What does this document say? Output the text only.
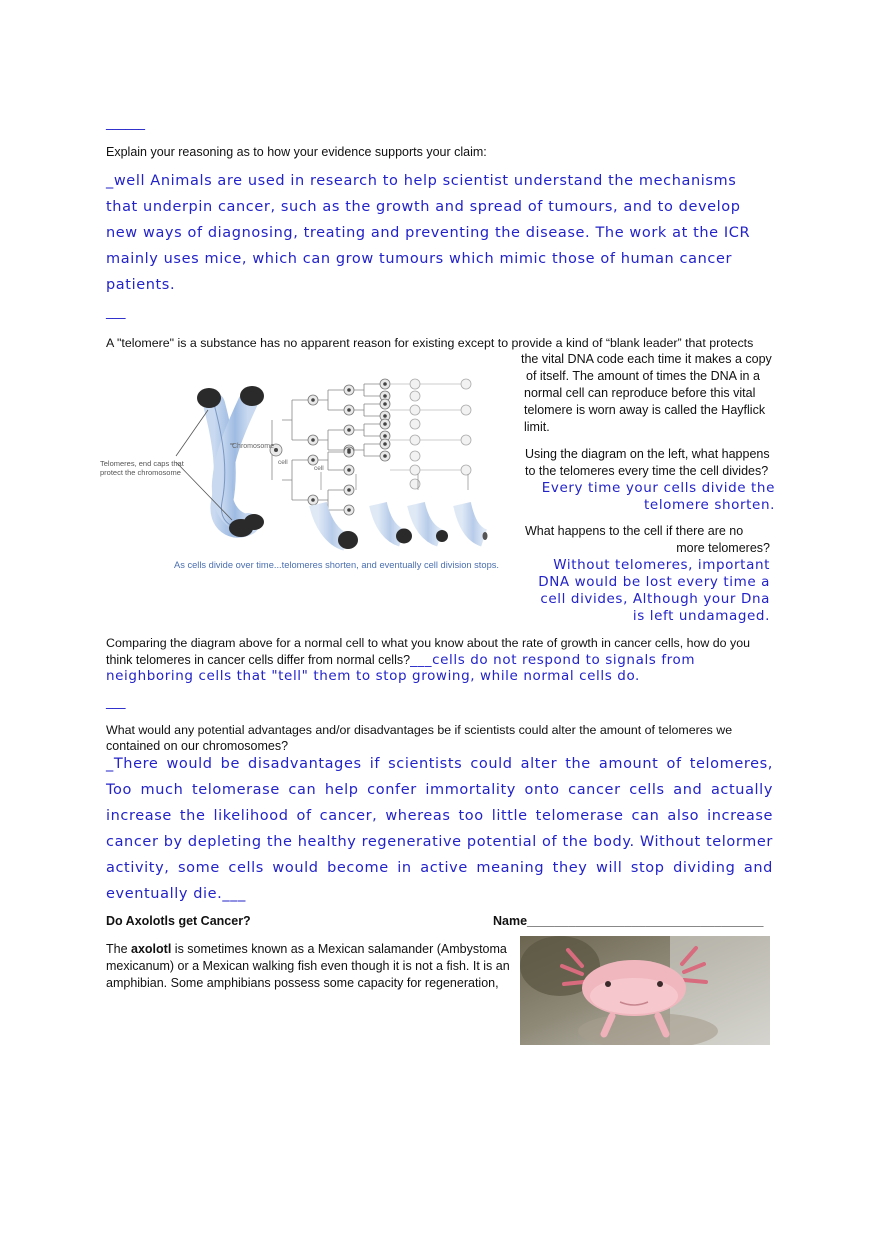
______
Explain your reasoning as to how your evidence supports your claim:
_well Animals are used in research to help scientist understand the mechanisms
that underpin cancer, such as the growth and spread of tumours, and to develop
new ways of diagnosing, treating and preventing the disease. The work at the ICR
mainly uses mice, which can grow tumours which mimic those of human cancer
patients.
___
A "telomere" is a substance has no apparent reason for existing except to provide a kind of “blank leader” that protects
the vital DNA code each time it makes a copy
of itself. The amount of times the DNA in a
normal cell can reproduce before this vital
telomere is worn away is called the Hayflick
limit.
Telomeres, end caps that
protect the chromosome
Chromosome
cell
cell
As cells divide over time...telomeres shorten, and eventually cell division stops.
Using the diagram on the left, what happens
to the telomeres every time the cell divides?
Every time your cells divide the
telomere shorten.
What happens to the cell if there are no
more telomeres?
Without telomeres, important
DNA would be lost every time a
cell divides, Although your Dna
is left undamaged.
Comparing the diagram above for a normal cell to what you know about the rate of growth in cancer cells, how do you
think telomeres in cancer cells differ from normal cells?___cells do not respond to signals from
neighboring cells that "tell" them to stop growing, while normal cells do.
___
What would any potential advantages and/or disadvantages be if scientists could alter the amount of telomeres we
contained on our chromosomes?
_There would be disadvantages if scientists could alter the amount of telomeres,
Too much telomerase can help confer immortality onto cancer cells and actually
increase the likelihood of cancer, whereas too little telomerase can also increase
cancer by depleting the healthy regenerative potential of the body. Without telormer
activity, some cells would become in active meaning they will stop dividing and
eventually die.___
Do Axolotls get Cancer?	Name__________________________________
The axolotl is sometimes known as a Mexican salamander (Ambystoma
mexicanum) or a Mexican walking fish even though it is not a fish. It is an
amphibian. Some amphibians possess some capacity for regeneration,
